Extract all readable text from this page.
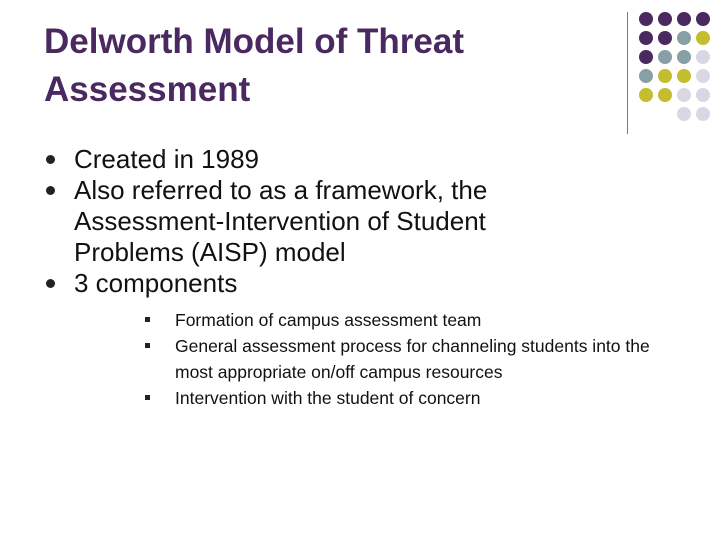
Delworth Model of Threat Assessment
Created in 1989
Also referred to as a framework, the Assessment-Intervention of Student Problems (AISP) model
3 components
Formation of campus assessment team
General assessment process for channeling students into the most appropriate on/off campus resources
Intervention with the student of concern
